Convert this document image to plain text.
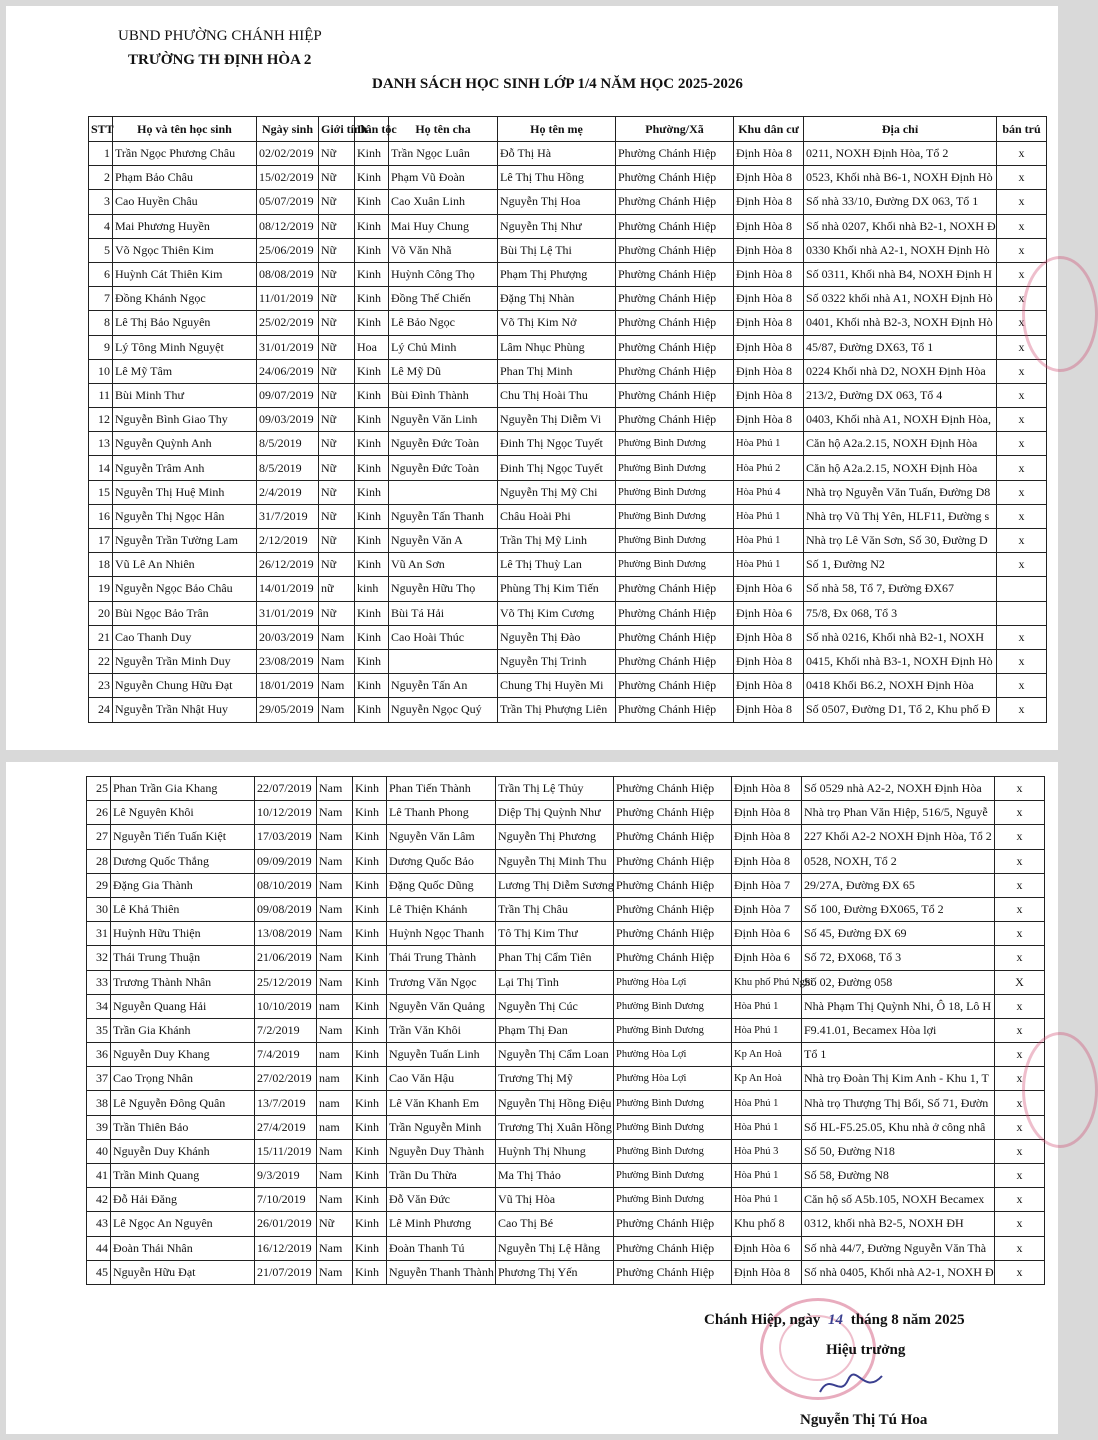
UBND PHƯỜNG CHÁNH HIỆP
TRƯỜNG TH ĐỊNH HÒA 2
DANH SÁCH HỌC SINH LỚP 1/4 NĂM HỌC 2025-2026
STT	Họ và tên học sinh	Ngày sinh	Giới tính	Dân tộc	Họ tên cha	Họ tên mẹ	Phường/Xã	Khu dân cư	Địa chỉ	bán trú
1	Trần Ngọc Phương Châu	02/02/2019	Nữ	Kinh	Trần Ngọc Luân	Đỗ Thị Hà	Phường Chánh Hiệp	Định Hòa 8	0211, NOXH Định Hòa, Tổ 2	x
2	Phạm Bảo Châu	15/02/2019	Nữ	Kinh	Phạm Vũ Đoàn	Lê Thị Thu Hồng	Phường Chánh Hiệp	Định Hòa 8	0523, Khối nhà B6-1, NOXH Định Hò	x
3	Cao Huyền Châu	05/07/2019	Nữ	Kinh	Cao Xuân Linh	Nguyễn Thị Hoa	Phường Chánh Hiệp	Định Hòa 8	Số nhà 33/10, Đường DX 063, Tổ 1	x
4	Mai Phương Huyền	08/12/2019	Nữ	Kinh	Mai Huy Chung	Nguyễn Thị Như	Phường Chánh Hiệp	Định Hòa 8	Số nhà 0207, Khối nhà B2-1, NOXH Đ	x
5	Võ Ngọc Thiên Kim	25/06/2019	Nữ	Kinh	Võ Văn Nhã	Bùi Thị Lệ Thi	Phường Chánh Hiệp	Định Hòa 8	0330 Khối nhà A2-1, NOXH Định Hò	x
6	Huỳnh Cát Thiên Kim	08/08/2019	Nữ	Kinh	Huỳnh Công Thọ	Phạm Thị Phượng	Phường Chánh Hiệp	Định Hòa 8	Số 0311, Khối nhà B4, NOXH Định H	x
7	Đồng Khánh Ngọc	11/01/2019	Nữ	Kinh	Đồng Thế Chiến	Đặng Thị Nhàn	Phường Chánh Hiệp	Định Hòa 8	Số 0322 khối nhà A1, NOXH Định Hò	x
8	Lê Thị Bảo Nguyên	25/02/2019	Nữ	Kinh	Lê Bảo Ngọc	Võ Thị Kim Nở	Phường Chánh Hiệp	Định Hòa 8	0401, Khối nhà B2-3, NOXH Định Hò	x
9	Lý Tông Minh Nguyệt	31/01/2019	Nữ	Hoa	Lý Chủ Minh	Lâm Nhục Phùng	Phường Chánh Hiệp	Định Hòa 8	45/87, Đường DX63, Tổ 1	x
10	Lê Mỹ Tâm	24/06/2019	Nữ	Kinh	Lê Mỹ Dũ	Phan Thị Minh	Phường Chánh Hiệp	Định Hòa 8	0224 Khối nhà D2, NOXH Định Hòa	x
11	Bùi Minh Thư	09/07/2019	Nữ	Kinh	Bùi Đình Thành	Chu Thị Hoài Thu	Phường Chánh Hiệp	Định Hòa 8	213/2, Đường DX 063, Tổ 4	x
12	Nguyễn Bình Giao Thy	09/03/2019	Nữ	Kinh	Nguyễn Văn Linh	Nguyễn Thị Diễm Vi	Phường Chánh Hiệp	Định Hòa 8	0403, Khối nhà A1, NOXH Định Hòa,	x
13	Nguyễn Quỳnh Anh	8/5/2019	Nữ	Kinh	Nguyễn Đức Toàn	Đinh Thị Ngọc Tuyết	Phường Bình Dương	Hòa Phú 1	Căn hộ A2a.2.15, NOXH Định Hòa	x
14	Nguyễn Trâm Anh	8/5/2019	Nữ	Kinh	Nguyễn Đức Toàn	Đinh Thị Ngọc Tuyết	Phường Bình Dương	Hòa Phú 2	Căn hộ A2a.2.15, NOXH Định Hòa	x
15	Nguyễn Thị Huệ Minh	2/4/2019	Nữ	Kinh		Nguyễn Thị Mỹ Chi	Phường Bình Dương	Hòa Phú 4	Nhà trọ Nguyễn Văn Tuấn, Đường D8	x
16	Nguyễn Thị Ngọc Hân	31/7/2019	Nữ	Kinh	Nguyễn Tấn Thanh	Châu Hoài Phi	Phường Bình Dương	Hòa Phú 1	Nhà trọ Vũ Thị Yên, HLF11, Đường s	x
17	Nguyễn Trần Tường Lam	2/12/2019	Nữ	Kinh	Nguyễn Văn A	Trần Thị Mỹ Linh	Phường Bình Dương	Hòa Phú 1	Nhà trọ Lê Văn Sơn, Số 30, Đường D	x
18	Vũ Lê An Nhiên	26/12/2019	Nữ	Kinh	Vũ An Sơn	Lê Thị Thuỳ Lan	Phường Bình Dương	Hòa Phú 1	Số 1, Đường N2	x
19	Nguyễn Ngọc Bảo Châu	14/01/2019	nữ	kinh	Nguyễn Hữu Thọ	Phùng Thị Kim Tiến	Phường Chánh Hiệp	Định Hòa 6	Số nhà 58, Tổ 7, Đường ĐX67	
20	Bùi Ngọc Bảo Trân	31/01/2019	Nữ	Kinh	Bùi Tá Hải	Võ Thị Kim Cương	Phường Chánh Hiệp	Định Hòa 6	75/8, Đx 068, Tổ 3	
21	Cao Thanh Duy	20/03/2019	Nam	Kinh	Cao Hoài Thúc	Nguyễn Thị Đào	Phường Chánh Hiệp	Định Hòa 8	Số nhà 0216, Khối nhà B2-1, NOXH	x
22	Nguyễn Trần Minh Duy	23/08/2019	Nam	Kinh		Nguyễn Thị Trinh	Phường Chánh Hiệp	Định Hòa 8	0415, Khối nhà B3-1, NOXH Định Hò	x
23	Nguyễn Chung Hữu Đạt	18/01/2019	Nam	Kinh	Nguyễn Tấn An	Chung Thị Huyền Mi	Phường Chánh Hiệp	Định Hòa 8	0418 Khối B6.2, NOXH Định Hòa	x
24	Nguyễn Trần Nhật Huy	29/05/2019	Nam	Kinh	Nguyễn Ngọc Quý	Trần Thị Phượng Liên	Phường Chánh Hiệp	Định Hòa 8	Số 0507, Đường D1, Tổ 2, Khu phố Đ	x
25	Phan Trần Gia Khang	22/07/2019	Nam	Kinh	Phan Tiến Thành	Trần Thị Lệ Thủy	Phường Chánh Hiệp	Định Hòa 8	Số 0529 nhà A2-2, NOXH Định Hòa	x
26	Lê Nguyên Khôi	10/12/2019	Nam	Kinh	Lê Thanh Phong	Diệp Thị Quỳnh Như	Phường Chánh Hiệp	Định Hòa 8	Nhà trọ Phan Văn Hiệp, 516/5, Nguyễ	x
27	Nguyễn Tiến Tuấn Kiệt	17/03/2019	Nam	Kinh	Nguyễn Văn Lâm	Nguyễn Thị Phương	Phường Chánh Hiệp	Định Hòa 8	227 Khối A2-2 NOXH Định Hòa, Tổ 2	x
28	Dương Quốc Thắng	09/09/2019	Nam	Kinh	Dương Quốc Bảo	Nguyễn Thị Minh Thu	Phường Chánh Hiệp	Định Hòa 8	0528, NOXH, Tổ 2	x
29	Đặng Gia Thành	08/10/2019	Nam	Kinh	Đặng Quốc Dũng	Lương Thị Diễm Sương	Phường Chánh Hiệp	Định Hòa 7	29/27A, Đường ĐX 65	x
30	Lê Khả Thiên	09/08/2019	Nam	Kinh	Lê Thiện Khánh	Trần Thị Châu	Phường Chánh Hiệp	Định Hòa 7	Số 100, Đường ĐX065, Tổ 2	x
31	Huỳnh Hữu Thiện	13/08/2019	Nam	Kinh	Huỳnh Ngọc Thanh	Tô Thị Kim Thư	Phường Chánh Hiệp	Định Hòa 6	Số 45, Đường ĐX 69	x
32	Thái Trung Thuận	21/06/2019	Nam	Kinh	Thái Trung Thành	Phan Thị Cẩm Tiên	Phường Chánh Hiệp	Định Hòa 6	Số 72, ĐX068, Tổ 3	x
33	Trương Thành Nhân	25/12/2019	Nam	Kinh	Trương Văn Ngọc	Lại Thị Tình	Phường Hòa Lợi	Khu phố Phú Nghi	Số 02, Đường 058	X
34	Nguyễn Quang Hải	10/10/2019	nam	Kinh	Nguyễn Văn Quảng	Nguyễn Thị Cúc	Phường Bình Dương	Hòa Phú 1	Nhà Phạm Thị Quỳnh Nhi, Ô 18, Lô H	x
35	Trần Gia Khánh	7/2/2019	Nam	Kinh	Trần Văn Khôi	Phạm Thị Đan	Phường Bình Dương	Hòa Phú 1	F9.41.01, Becamex Hòa lợi	x
36	Nguyễn Duy Khang	7/4/2019	nam	Kinh	Nguyễn Tuấn Linh	Nguyễn Thị Cẩm Loan	Phường Hòa Lợi	Kp An Hoà	Tổ 1	x
37	Cao Trọng Nhân	27/02/2019	nam	Kinh	Cao Văn Hậu	Trương Thị Mỹ	Phường Hòa Lợi	Kp An Hoà	Nhà trọ Đoàn Thị Kim Anh - Khu 1, T	x
38	Lê Nguyễn Đông Quân	13/7/2019	nam	Kinh	Lê Văn Khanh Em	Nguyễn Thị Hồng Điệu	Phường Bình Dương	Hòa Phú 1	Nhà trọ Thượng Thị Bối, Số 71, Đườn	x
39	Trần Thiên Bảo	27/4/2019	nam	Kinh	Trần Nguyễn Minh	Trương Thị Xuân Hồng	Phường Bình Dương	Hòa Phú 1	Số HL-F5.25.05, Khu nhà ở công nhâ	x
40	Nguyễn Duy Khánh	15/11/2019	Nam	Kinh	Nguyễn Duy Thành	Huỳnh Thị Nhung	Phường Bình Dương	Hòa Phú 3	Số 50, Đường N18	x
41	Trần Minh Quang	9/3/2019	Nam	Kinh	Trần Du Thừa	Ma Thị Thảo	Phường Bình Dương	Hòa Phú 1	Số 58, Đường N8	x
42	Đỗ Hải Đăng	7/10/2019	Nam	Kinh	Đỗ Văn Đức	Vũ Thị Hòa	Phường Bình Dương	Hòa Phú 1	Căn hộ số A5b.105, NOXH Becamex	x
43	Lê Ngọc An Nguyên	26/01/2019	Nữ	Kinh	Lê Minh Phương	Cao Thị Bé	Phường Chánh Hiệp	Khu phố 8	0312, khối nhà B2-5, NOXH ĐH	x
44	Đoàn Thái Nhân	16/12/2019	Nam	Kinh	Đoàn Thanh Tú	Nguyễn Thị Lệ Hằng	Phường Chánh Hiệp	Định Hòa 6	Số nhà 44/7, Đường Nguyễn Văn Thà	x
45	Nguyễn Hữu Đạt	21/07/2019	Nam	Kinh	Nguyễn Thanh Thành	Phương Thị Yến	Phường Chánh Hiệp	Định Hòa 8	Số nhà 0405, Khối nhà A2-1, NOXH Đ	x
Chánh Hiệp, ngày 14 tháng 8 năm 2025
Hiệu trưởng
Nguyễn Thị Tú Hoa
